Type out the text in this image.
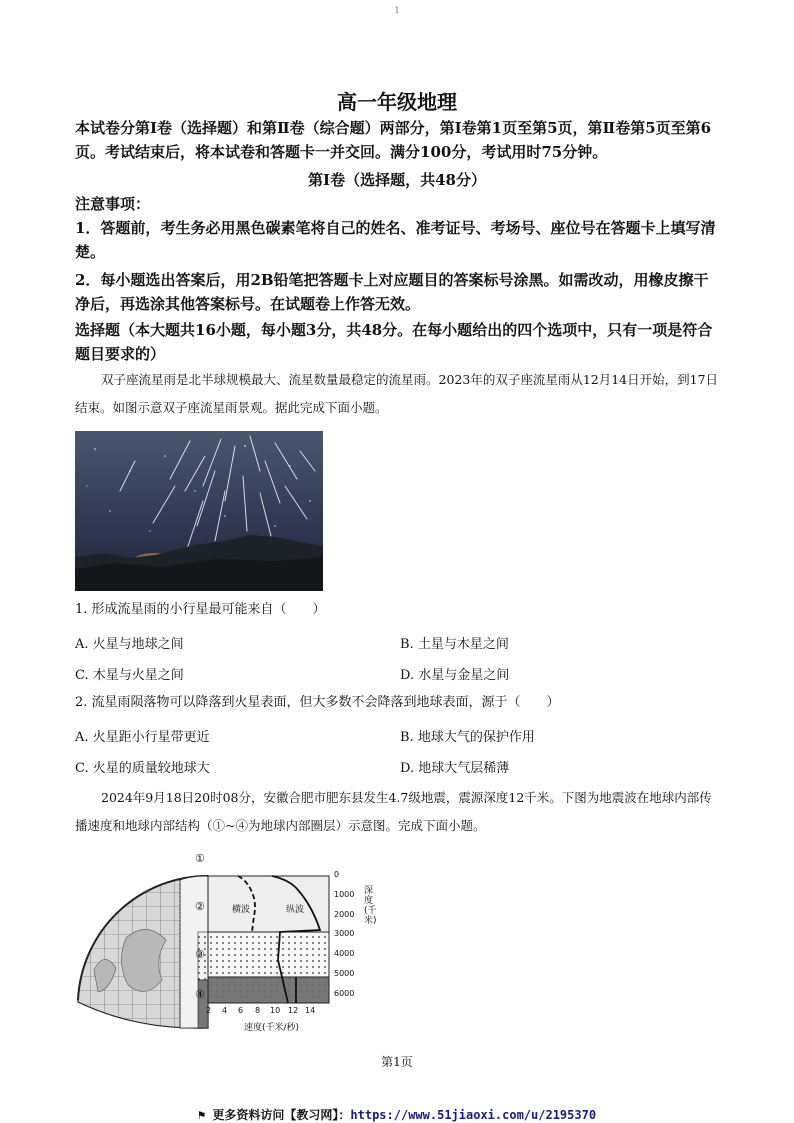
1
高一年级地理
本试卷分第Ⅰ卷（选择题）和第Ⅱ卷（综合题）两部分，第Ⅰ卷第1页至第5页，第Ⅱ卷第5页至第6页。考试结束后，将本试卷和答题卡一并交回。满分100分，考试用时75分钟。
第Ⅰ卷（选择题，共48分）
注意事项：
1．答题前，考生务必用黑色碳素笔将自己的姓名、准考证号、考场号、座位号在答题卡上填写清楚。
2．每小题选出答案后，用2B铅笔把答题卡上对应题目的答案标号涂黑。如需改动，用橡皮擦干净后，再选涂其他答案标号。在试题卷上作答无效。
选择题（本大题共16小题，每小题3分，共48分。在每小题给出的四个选项中，只有一项是符合题目要求的）
双子座流星雨是北半球规模最大、流星数量最稳定的流星雨。2023年的双子座流星雨从12月14日开始，到17日结束。如图示意双子座流星雨景观。据此完成下面小题。
1. 形成流星雨的小行星最可能来自（　　）
A. 火星与地球之间	B. 土星与木星之间
C. 木星与火星之间	D. 水星与金星之间
2. 流星雨陨落物可以降落到火星表面，但大多数不会降落到地球表面，源于（　　）
A. 火星距小行星带更近	B. 地球大气的保护作用
C. 火星的质量较地球大	D. 地球大气层稀薄
2024年9月18日20时08分，安徽合肥市肥东县发生4.7级地震，震源深度12千米。下图为地震波在地球内部传播速度和地球内部结构（①~④为地球内部圈层）示意图。完成下面小题。
①
②
③
④
横波	纵波
0
1000
2000
3000
4000
5000
6000
深度(千米)
2 4 6 8 10 12 14
速度(千米/秒)
第1页
⚑ 更多资料访问【教习网】：https://www.51jiaoxi.com/u/2195370
